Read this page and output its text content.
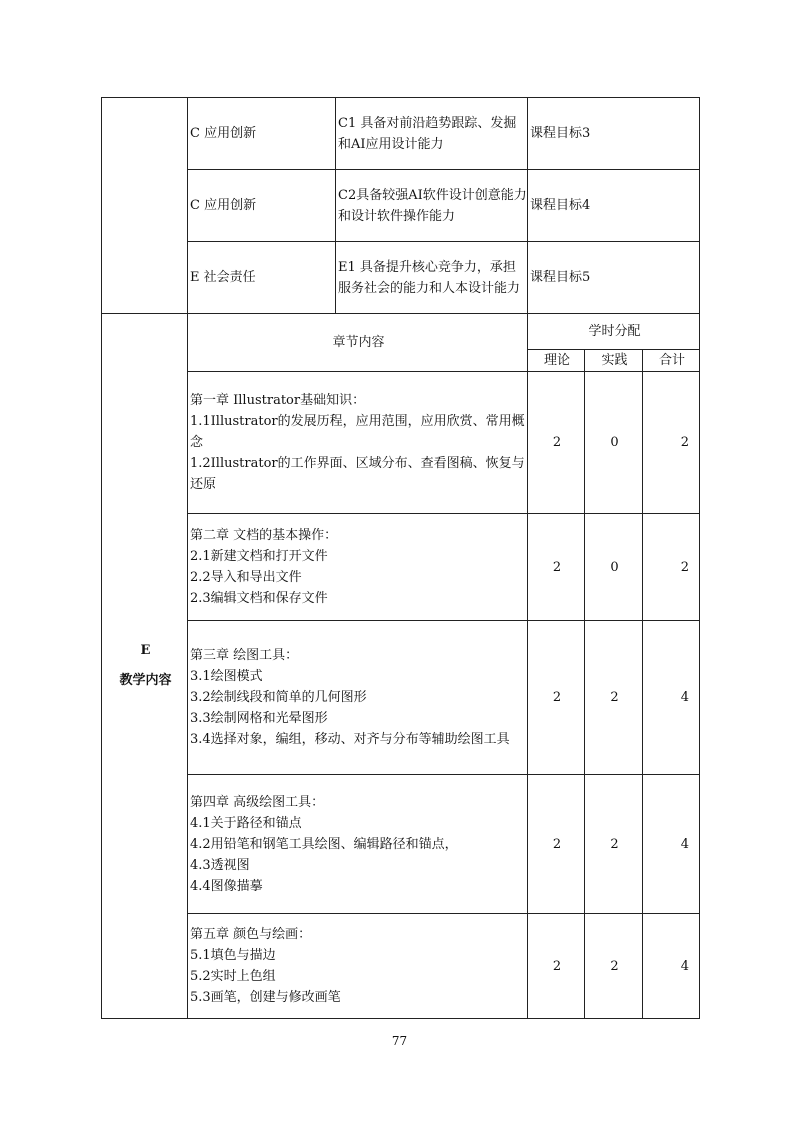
	C 应用创新	C1 具备对前沿趋势跟踪、发掘和AI应用设计能力	课程目标3		
	C 应用创新	C2具备较强AI软件设计创意能力和设计软件操作能力	课程目标4		
	E 社会责任	E1 具备提升核心竞争力，承担服务社会的能力和人本设计能力	课程目标5		

E
教学内容	章节内容		学时分配		
			理论	实践	合计

	第一章 Illustrator基础知识：
1.1Illustrator的发展历程，应用范围，应用欣赏、常用概念
1.2Illustrator的工作界面、区域分布、查看图稿、恢复与还原		2	0	2

	第二章 文档的基本操作：
2.1新建文档和打开文件
2.2导入和导出文件
2.3编辑文档和保存文件		2	0	2

	第三章 绘图工具：
3.1绘图模式
3.2绘制线段和简单的几何图形
3.3绘制网格和光晕图形
3.4选择对象，编组，移动、对齐与分布等辅助绘图工具		2	2	4

	第四章 高级绘图工具：
4.1关于路径和锚点
4.2用铅笔和钢笔工具绘图、编辑路径和锚点，
4.3透视图
4.4图像描摹		2	2	4

	第五章 颜色与绘画：
5.1填色与描边
5.2实时上色组
5.3画笔，创建与修改画笔		2	2	4
77
